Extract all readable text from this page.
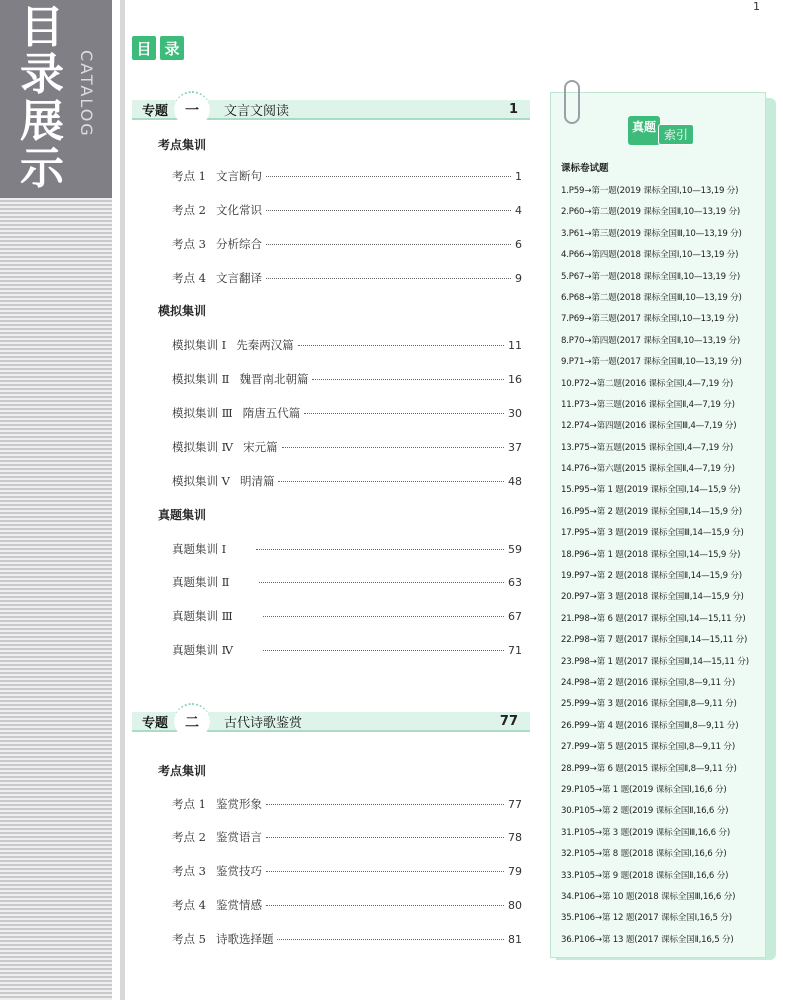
目
录
展
示
CATALOG
1
目 录
专题	一	文言文阅读	1
考点集训
考点 1 文言断句	1
考点 2 文化常识	4
考点 3 分析综合	6
考点 4 文言翻译	9
模拟集训
模拟集训 Ⅰ 先秦两汉篇	11
模拟集训 Ⅱ 魏晋南北朝篇	16
模拟集训 Ⅲ 隋唐五代篇	30
模拟集训 Ⅳ 宋元篇	37
模拟集训 Ⅴ 明清篇	48
真题集训
真题集训 Ⅰ	59
真题集训 Ⅱ	63
真题集训 Ⅲ	67
真题集训 Ⅳ	71
专题	二	古代诗歌鉴赏	77
考点集训
考点 1 鉴赏形象	77
考点 2 鉴赏语言	78
考点 3 鉴赏技巧	79
考点 4 鉴赏情感	80
考点 5 诗歌选择题	81
真题
索引
课标卷试题
1.P59→第一题(2019 课标全国Ⅰ,10—13,19 分)
2.P60→第二题(2019 课标全国Ⅱ,10—13,19 分)
3.P61→第三题(2019 课标全国Ⅲ,10—13,19 分)
4.P66→第四题(2018 课标全国Ⅰ,10—13,19 分)
5.P67→第一题(2018 课标全国Ⅱ,10—13,19 分)
6.P68→第二题(2018 课标全国Ⅲ,10—13,19 分)
7.P69→第三题(2017 课标全国Ⅰ,10—13,19 分)
8.P70→第四题(2017 课标全国Ⅱ,10—13,19 分)
9.P71→第一题(2017 课标全国Ⅲ,10—13,19 分)
10.P72→第二题(2016 课标全国Ⅰ,4—7,19 分)
11.P73→第三题(2016 课标全国Ⅱ,4—7,19 分)
12.P74→第四题(2016 课标全国Ⅲ,4—7,19 分)
13.P75→第五题(2015 课标全国Ⅰ,4—7,19 分)
14.P76→第六题(2015 课标全国Ⅱ,4—7,19 分)
15.P95→第 1 题(2019 课标全国Ⅰ,14—15,9 分)
16.P95→第 2 题(2019 课标全国Ⅱ,14—15,9 分)
17.P95→第 3 题(2019 课标全国Ⅲ,14—15,9 分)
18.P96→第 1 题(2018 课标全国Ⅰ,14—15,9 分)
19.P97→第 2 题(2018 课标全国Ⅱ,14—15,9 分)
20.P97→第 3 题(2018 课标全国Ⅲ,14—15,9 分)
21.P98→第 6 题(2017 课标全国Ⅰ,14—15,11 分)
22.P98→第 7 题(2017 课标全国Ⅱ,14—15,11 分)
23.P98→第 1 题(2017 课标全国Ⅲ,14—15,11 分)
24.P98→第 2 题(2016 课标全国Ⅰ,8—9,11 分)
25.P99→第 3 题(2016 课标全国Ⅱ,8—9,11 分)
26.P99→第 4 题(2016 课标全国Ⅲ,8—9,11 分)
27.P99→第 5 题(2015 课标全国Ⅰ,8—9,11 分)
28.P99→第 6 题(2015 课标全国Ⅱ,8—9,11 分)
29.P105→第 1 题(2019 课标全国Ⅰ,16,6 分)
30.P105→第 2 题(2019 课标全国Ⅱ,16,6 分)
31.P105→第 3 题(2019 课标全国Ⅲ,16,6 分)
32.P105→第 8 题(2018 课标全国Ⅰ,16,6 分)
33.P105→第 9 题(2018 课标全国Ⅱ,16,6 分)
34.P106→第 10 题(2018 课标全国Ⅲ,16,6 分)
35.P106→第 12 题(2017 课标全国Ⅰ,16,5 分)
36.P106→第 13 题(2017 课标全国Ⅱ,16,5 分)
